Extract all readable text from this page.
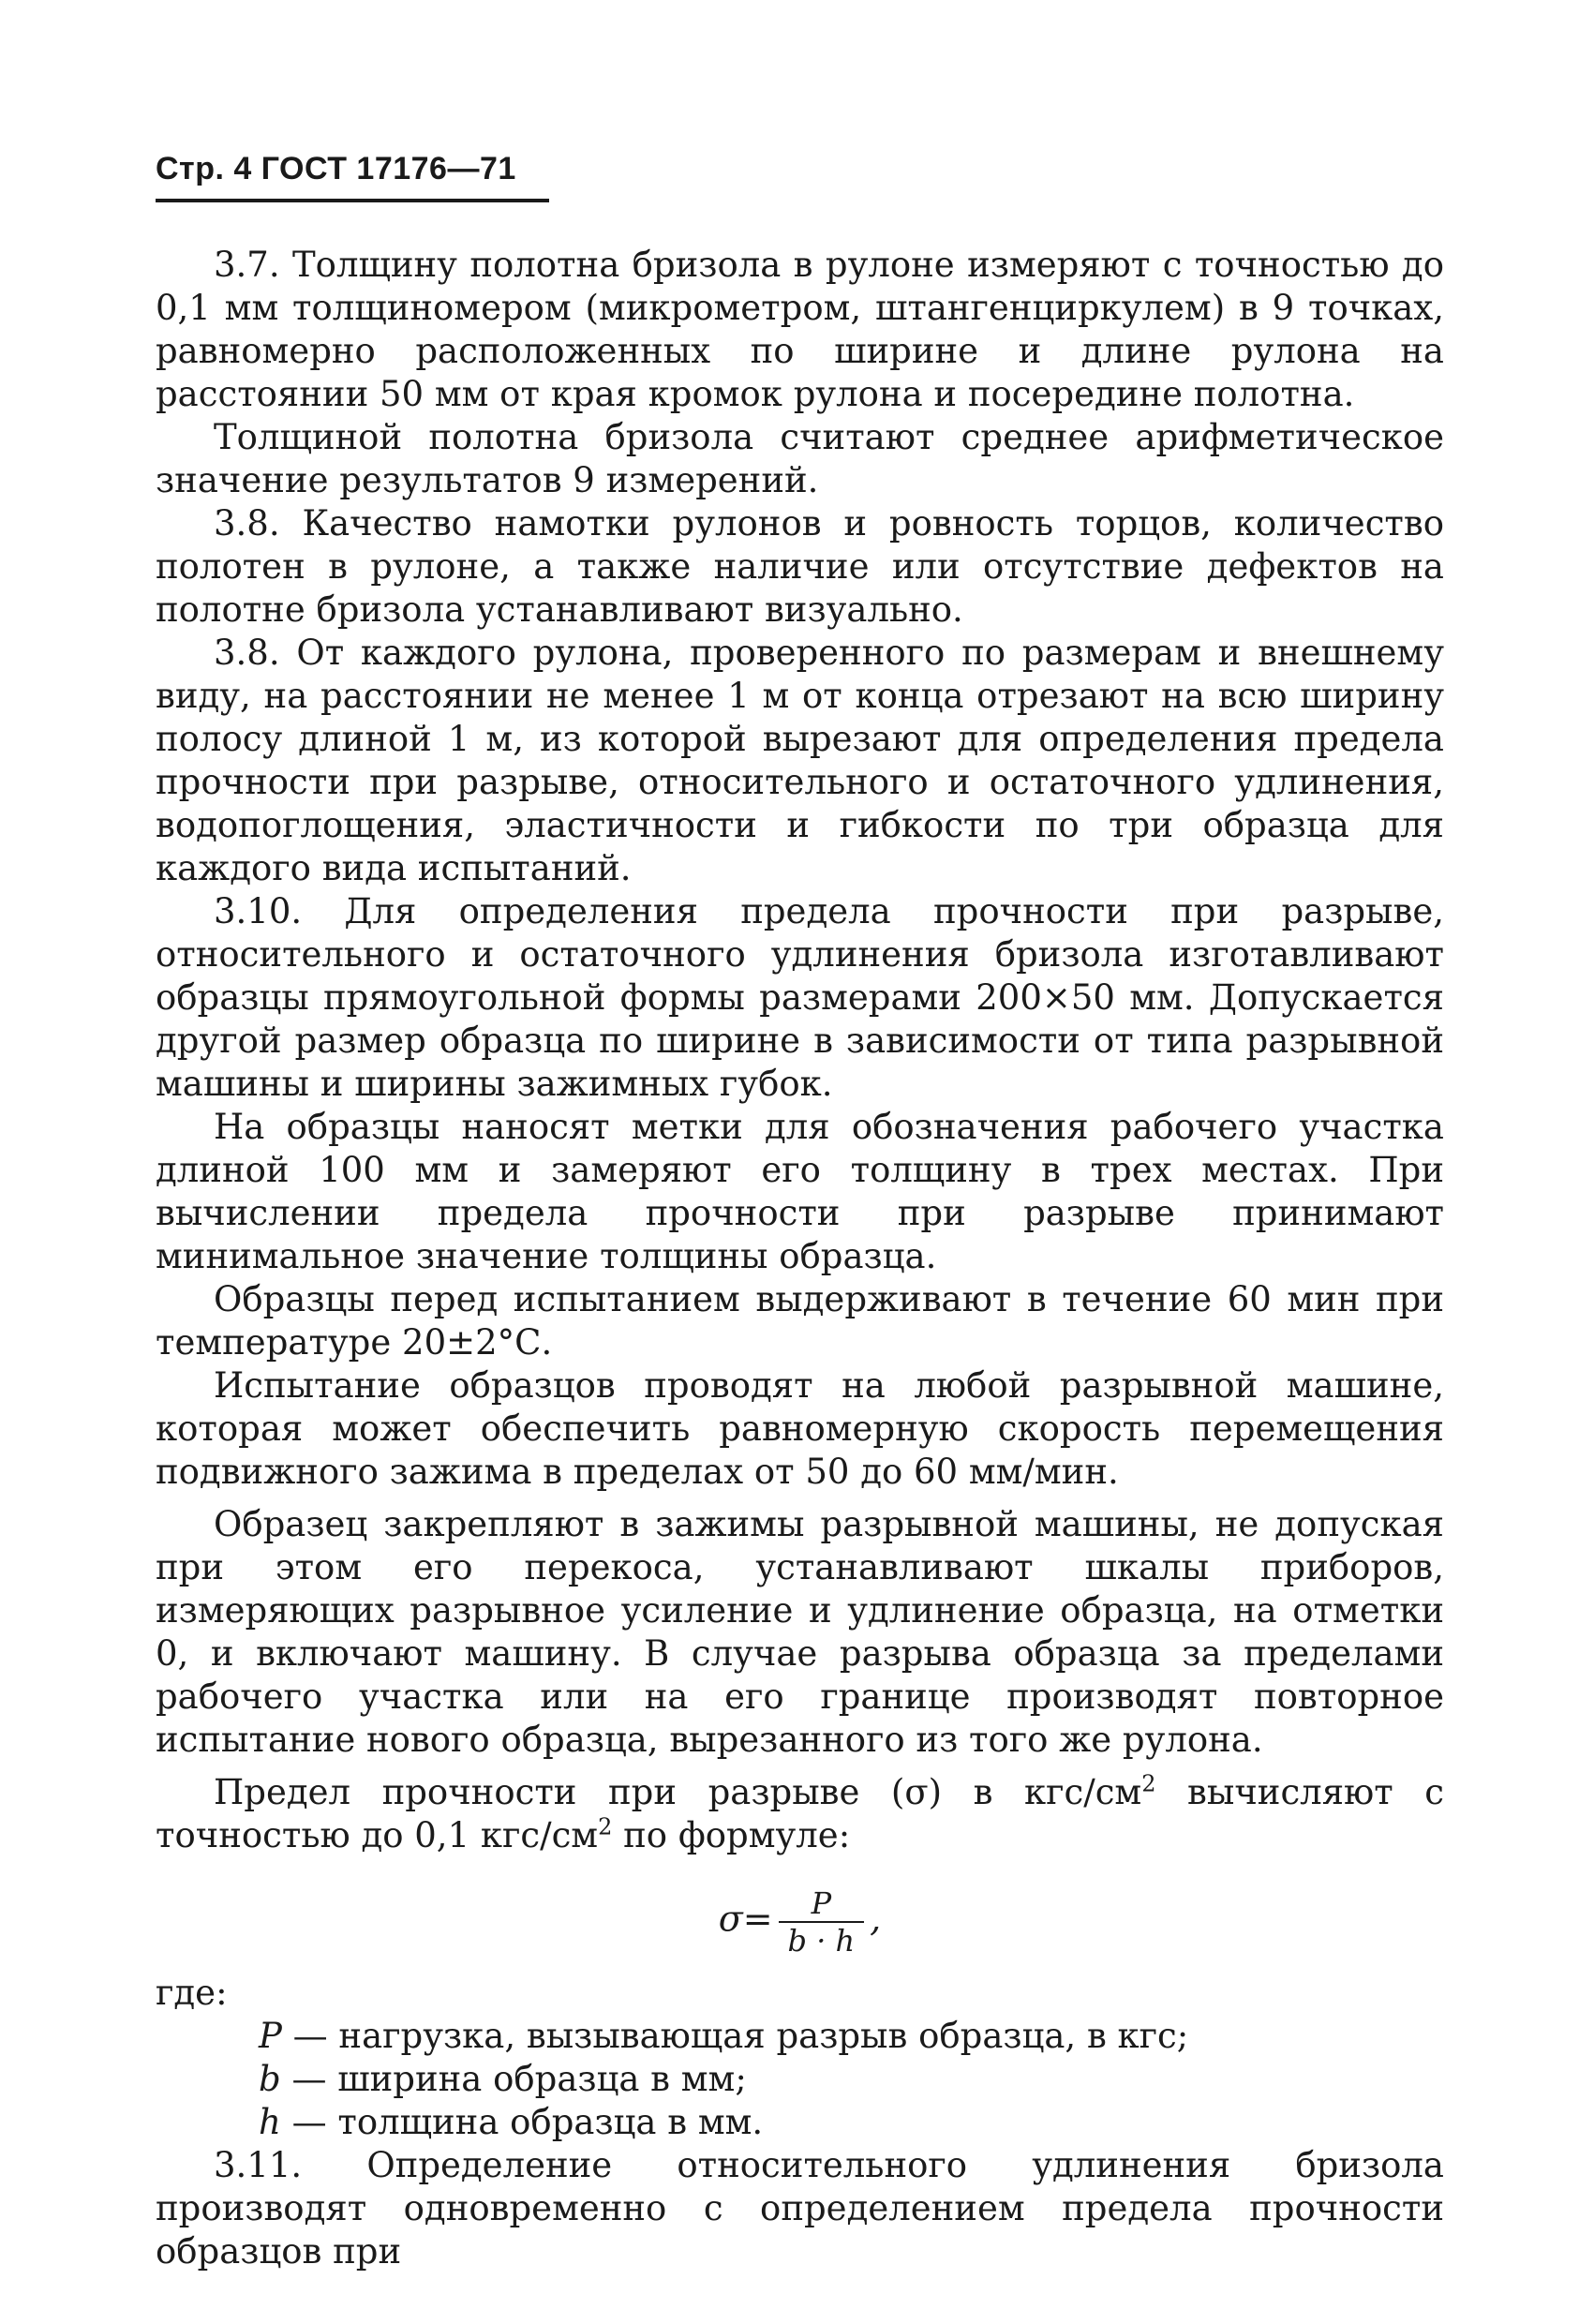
Стр. 4 ГОСТ 17176—71

3.7. Толщину полотна бризола в рулоне измеряют с точностью до 0,1 мм толщиномером (микрометром, штангенциркулем) в 9 точках, равномерно расположенных по ширине и длине рулона на расстоянии 50 мм от края кромок рулона и посередине полотна.

Толщиной полотна бризола считают среднее арифметическое значение результатов 9 измерений.

3.8. Качество намотки рулонов и ровность торцов, количество полотен в рулоне, а также наличие или отсутствие дефектов на полотне бризола устанавливают визуально.

3.8. От каждого рулона, проверенного по размерам и внешнему виду, на расстоянии не менее 1 м от конца отрезают на всю ширину полосу длиной 1 м, из которой вырезают для определения предела прочности при разрыве, относительного и остаточного удлинения, водопоглощения, эластичности и гибкости по три образца для каждого вида испытаний.

3.10. Для определения предела прочности при разрыве, относительного и остаточного удлинения бризола изготавливают образцы прямоугольной формы размерами 200×50 мм. Допускается другой размер образца по ширине в зависимости от типа разрывной машины и ширины зажимных губок.

На образцы наносят метки для обозначения рабочего участка длиной 100 мм и замеряют его толщину в трех местах. При вычислении предела прочности при разрыве принимают минимальное значение толщины образца.

Образцы перед испытанием выдерживают в течение 60 мин при температуре 20±2°С.

Испытание образцов проводят на любой разрывной машине, которая может обеспечить равномерную скорость перемещения подвижного зажима в пределах от 50 до 60 мм/мин.

Образец закрепляют в зажимы разрывной машины, не допуская при этом его перекоса, устанавливают шкалы приборов, измеряющих разрывное усиление и удлинение образца, на отметки 0, и включают машину. В случае разрыва образца за пределами рабочего участка или на его границе производят повторное испытание нового образца, вырезанного из того же рулона.

Предел прочности при разрыве (σ) в кгс/$см^2$ вычисляют с точностью до 0,1 кгс/$см^2$ по формуле:

$\sigma= \frac{P}{b \cdot h}$ ,

где:

P — нагрузка, вызывающая разрыв образца, в кгс;

b — ширина образца в мм;

h — толщина образца в мм.

3.11. Определение относительного удлинения бризола производят одновременно с определением предела прочности образцов при
